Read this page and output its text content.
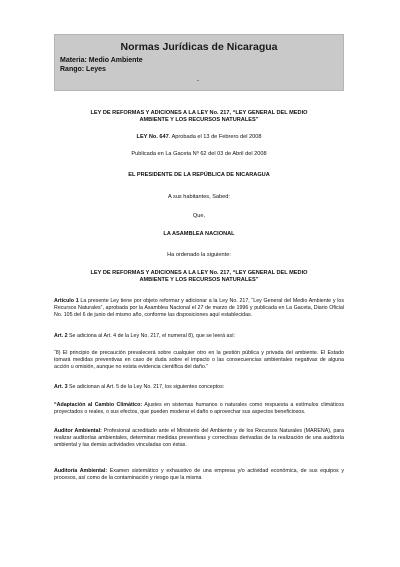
Normas Jurídicas de Nicaragua
Materia: Medio Ambiente
Rango: Leyes
-
LEY DE REFORMAS Y ADICIONES A LA LEY No. 217, “LEY GENERAL DEL MEDIO
AMBIENTE Y LOS RECURSOS NATURALES”
LEY No. 647. Aprobada el 13 de Febrero del 2008
Publicada en La Gaceta Nº 62 del 03 de Abril del 2008
EL PRESIDENTE DE LA REPÚBLICA DE NICARAGUA
A sus habitantes, Sabed:
Que,
LA ASAMBLEA NACIONAL
Ha ordenado la siguiente:
LEY DE REFORMAS Y ADICIONES A LA LEY No. 217, “LEY GENERAL DEL MEDIO
AMBIENTE Y LOS RECURSOS NATURALES”
Artículo 1 La presente Ley tiene por objeto reformar y adicionar a la Ley No. 217, “Ley General del Medio Ambiente y los Recursos Naturales”, aprobada por la Asamblea Nacional el 27 de marzo de 1996 y publicada en La Gaceta, Diario Oficial No. 105 del 6 de junio del mismo año, conforme las disposiciones aquí establecidas.
Art. 2 Se adiciona al Art. 4 de la Ley No. 217, el numeral 8), que se leerá así:
“8) El principio de precaución prevalecerá sobre cualquier otro en la gestión pública y privada del ambiente. El Estado tomará medidas preventivas en caso de duda sobre el impacto o las consecuencias ambientales negativas de alguna acción u omisión, aunque no exista evidencia científica del daño.”
Art. 3 Se adicionan al Art. 5 de la Ley No. 217, los siguientes conceptos:
“Adaptación al Cambio Climático: Ajustes en sistemas humanos o naturales como respuesta a estímulos climáticos proyectados o reales, o sus efectos, que pueden moderar el daño o aprovechar sus aspectos beneficiosos.
Auditor Ambiental: Profesional acreditado ante el Ministerio del Ambiente y de los Recursos Naturales (MARENA), para realizar auditorías ambientales, determinar medidas preventivas y correctivas derivadas de la realización de una auditoría ambiental y las demás actividades vinculadas con éstas.
Auditoría Ambiental: Examen sistemático y exhaustivo de una empresa y/o actividad económica, de sus equipos y procesos, así como de la contaminación y riesgo que la misma
